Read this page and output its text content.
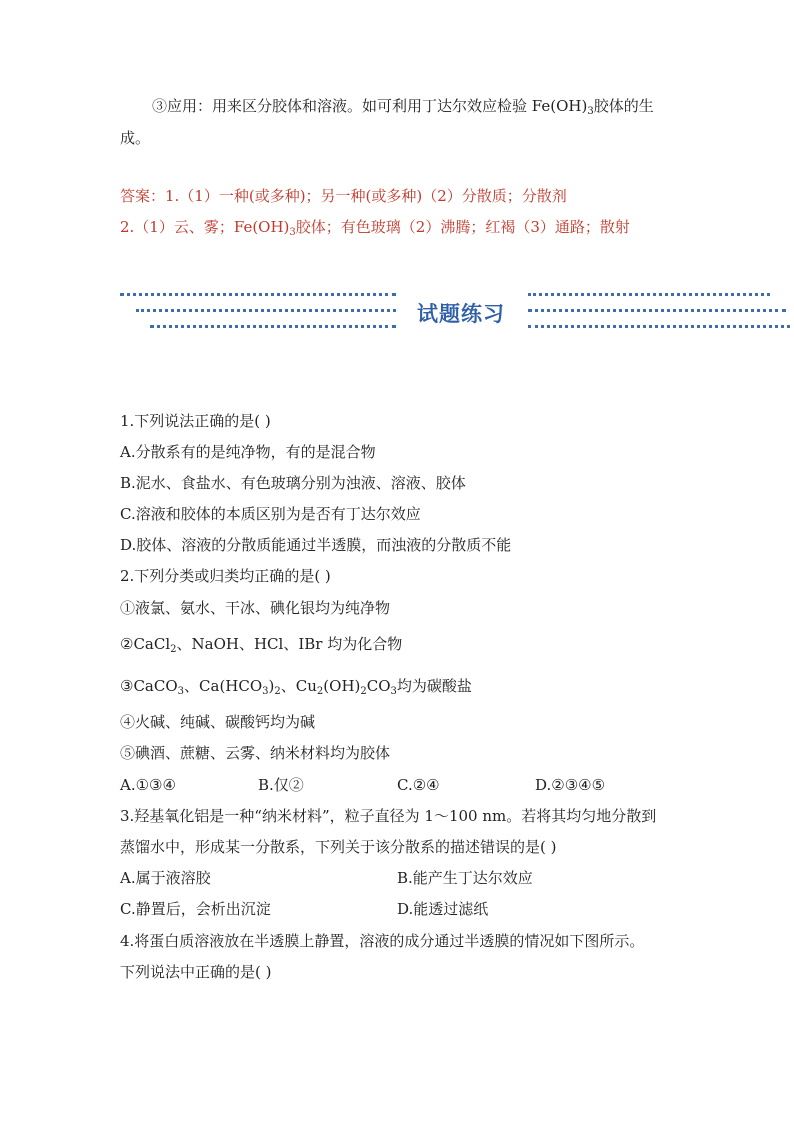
③应用：用来区分胶体和溶液。如可利用丁达尔效应检验 $Fe(OH)_3$胶体的生
成。
答案：1.（1）一种(或多种)；另一种(或多种)（2）分散质；分散剂
2.（1）云、雾；$Fe(OH)_3$胶体；有色玻璃（2）沸腾；红褐（3）通路；散射
试题练习
1.下列说法正确的是( )
A.分散系有的是纯净物，有的是混合物
B.泥水、食盐水、有色玻璃分别为浊液、溶液、胶体
C.溶液和胶体的本质区别为是否有丁达尔效应
D.胶体、溶液的分散质能通过半透膜，而浊液的分散质不能
2.下列分类或归类均正确的是( )
①液氯、氨水、干冰、碘化银均为纯净物
②CaCl$_2$、NaOH、HCl、IBr 均为化合物
③CaCO$_3$、$Ca(HCO_3)_2$、$Cu_2(OH)_2CO_3$均为碳酸盐
④火碱、纯碱、碳酸钙均为碱
⑤碘酒、蔗糖、云雾、纳米材料均为胶体
A.①③④	B.仅②	C.②④	D.②③④⑤
3.羟基氧化铝是一种“纳米材料”，粒子直径为 1～100 nm。若将其均匀地分散到
蒸馏水中，形成某一分散系，下列关于该分散系的描述错误的是( )
A.属于液溶胶	B.能产生丁达尔效应
C.静置后，会析出沉淀	D.能透过滤纸
4.将蛋白质溶液放在半透膜上静置，溶液的成分通过半透膜的情况如下图所示。
下列说法中正确的是( )
